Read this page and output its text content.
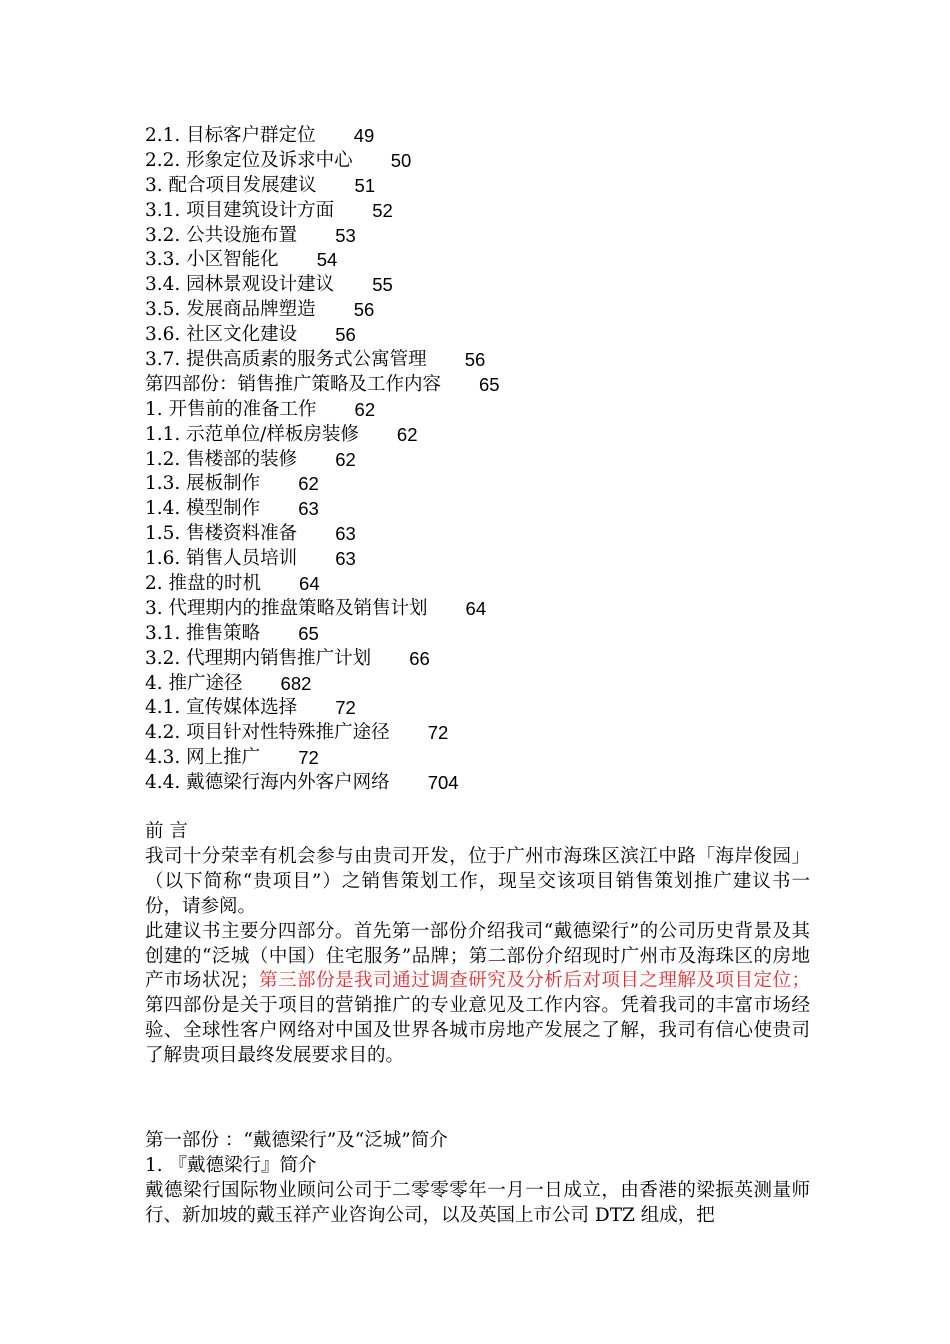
2.1. 目标客户群定位 49
2.2. 形象定位及诉求中心 50
3. 配合项目发展建议 51
3.1. 项目建筑设计方面 52
3.2. 公共设施布置 53
3.3. 小区智能化 54
3.4. 园林景观设计建议 55
3.5. 发展商品牌塑造 56
3.6. 社区文化建设 56
3.7. 提供高质素的服务式公寓管理 56
第四部份：销售推广策略及工作内容 65
1. 开售前的准备工作 62
1.1. 示范单位/样板房装修 62
1.2. 售楼部的装修 62
1.3. 展板制作 62
1.4. 模型制作 63
1.5. 售楼资料准备 63
1.6. 销售人员培训 63
2. 推盘的时机 64
3. 代理期内的推盘策略及销售计划 64
3.1. 推售策略 65
3.2. 代理期内销售推广计划 66
4. 推广途径 682
4.1. 宣传媒体选择 72
4.2. 项目针对性特殊推广途径 72
4.3. 网上推广 72
4.4. 戴德梁行海内外客户网络 704

前 言

我司十分荣幸有机会参与由贵司开发，位于广州市海珠区滨江中路「海岸俊园」（以下简称“贵项目”）之销售策划工作，现呈交该项目销售策划推广建议书一份，请参阅。

此建议书主要分四部分。首先第一部份介绍我司“戴德梁行”的公司历史背景及其创建的“泛城（中国）住宅服务”品牌；第二部份介绍现时广州市及海珠区的房地产市场状况；第三部份是我司通过调查研究及分析后对项目之理解及项目定位；第四部份是关于项目的营销推广的专业意见及工作内容。凭着我司的丰富市场经验、全球性客户网络对中国及世界各城市房地产发展之了解，我司有信心使贵司了解贵项目最终发展要求目的。

第一部份 ：“戴德梁行”及“泛城”简介

1. 『戴德梁行』简介

戴德梁行国际物业顾问公司于二零零零年一月一日成立，由香港的梁振英测量师行、新加坡的戴玉祥产业咨询公司，以及英国上市公司 DTZ 组成，把
